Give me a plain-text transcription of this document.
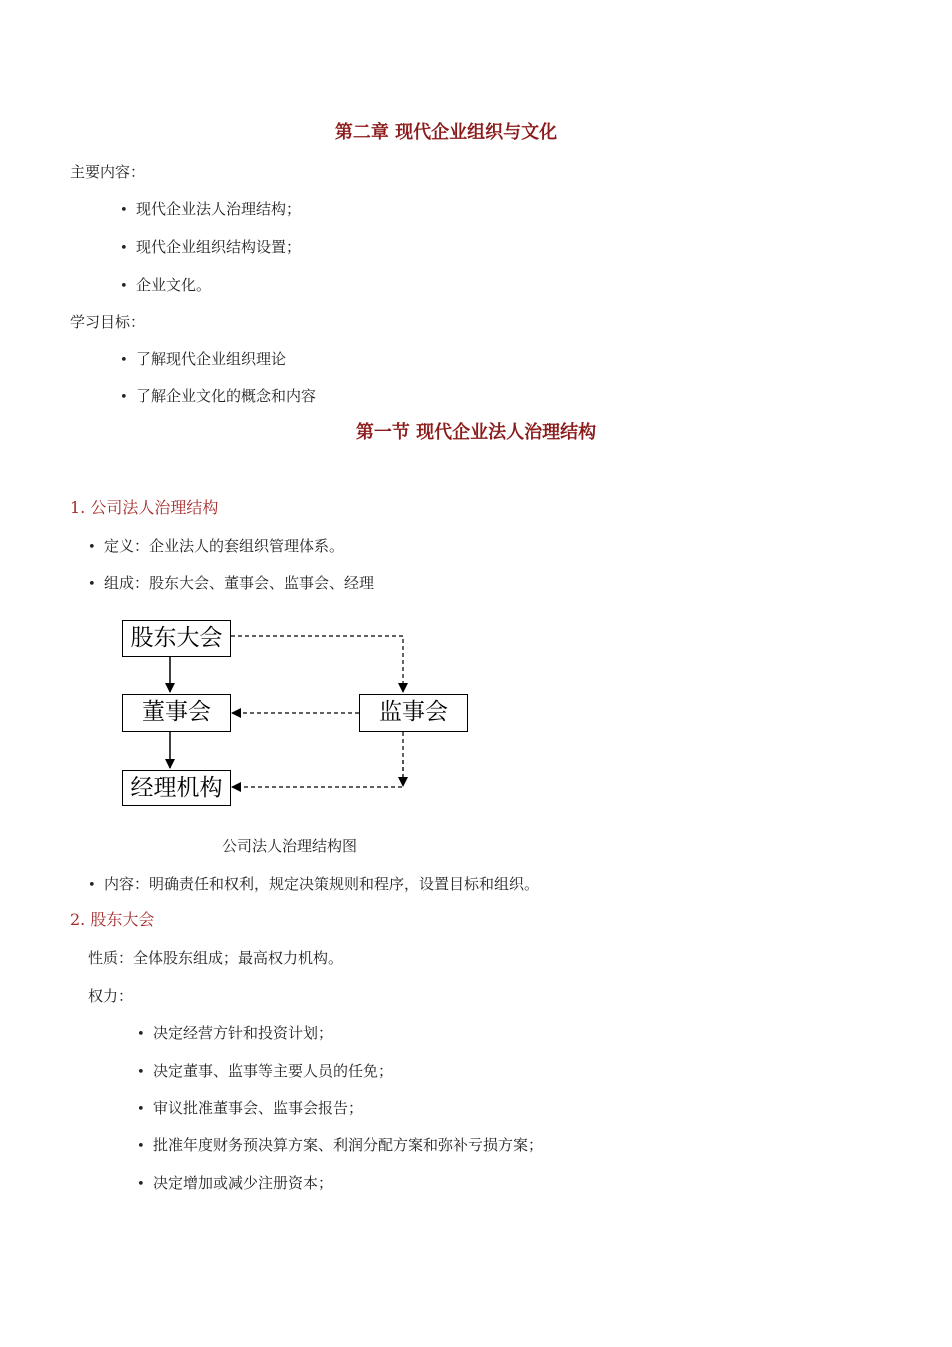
第二章 现代企业组织与文化
主要内容：
• 现代企业法人治理结构；
• 现代企业组织结构设置；
• 企业文化。
学习目标：
• 了解现代企业组织理论
• 了解企业文化的概念和内容
第一节 现代企业法人治理结构
1. 公司法人治理结构
• 定义：企业法人的套组织管理体系。
• 组成：股东大会、董事会、监事会、经理
股东大会
董事会	监事会
经理机构
公司法人治理结构图
• 内容：明确责任和权利，规定决策规则和程序，设置目标和组织。
2. 股东大会
性质：全体股东组成；最高权力机构。
权力：
• 决定经营方针和投资计划；
• 决定董事、监事等主要人员的任免；
• 审议批准董事会、监事会报告；
• 批准年度财务预决算方案、利润分配方案和弥补亏损方案；
• 决定增加或减少注册资本；
